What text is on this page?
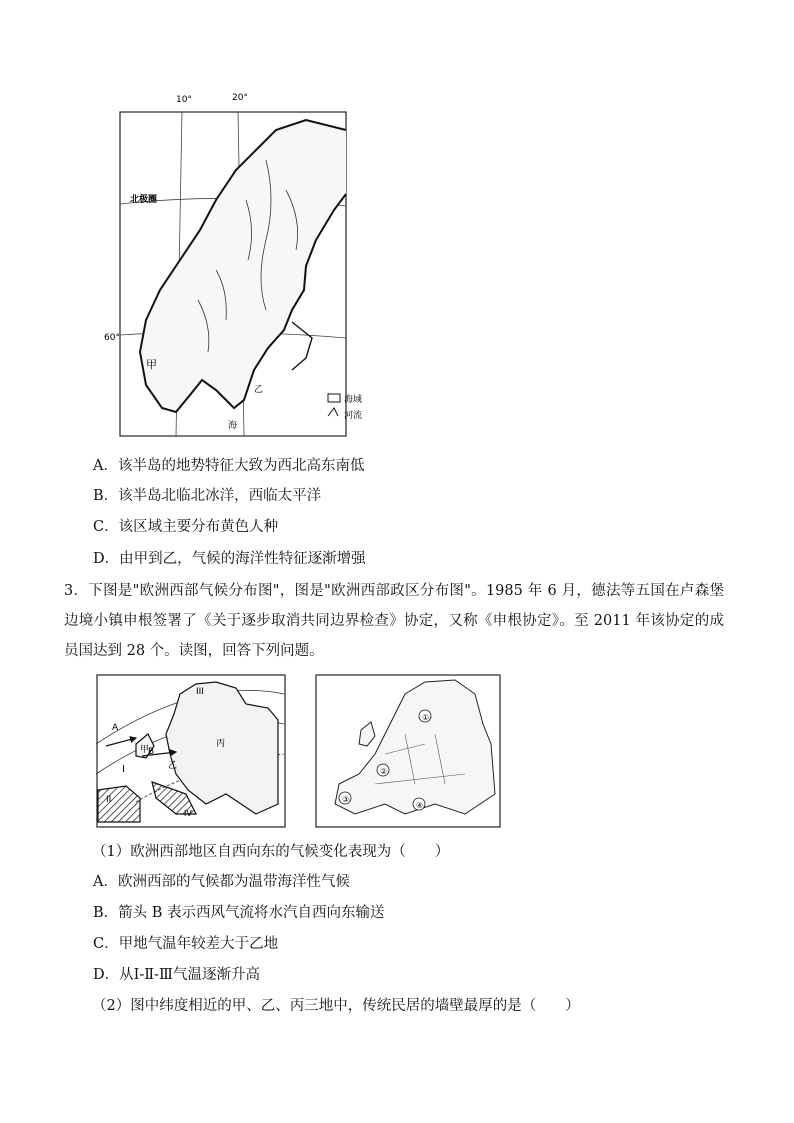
10°	20°
60°
北极圈
甲
乙
海
海域
河流
A．该半岛的地势特征大致为西北高东南低
B．该半岛北临北冰洋，西临太平洋
C．该区域主要分布黄色人种
D．由甲到乙，气候的海洋性特征逐渐增强
3．下图是"欧洲西部气候分布图"，图是"欧洲西部政区分布图"。1985 年 6 月，德法等五国在卢森堡边境小镇申根签署了《关于逐步取消共同边界检查》协定，又称《申根协定》。至 2011 年该协定的成员国达到 28 个。读图，回答下列问题。
A
B
甲
乙
丙
I
II
III
IV
①
②
③
④
（1）欧洲西部地区自西向东的气候变化表现为（　　）
A．欧洲西部的气候都为温带海洋性气候
B．箭头 B 表示西风气流将水汽自西向东输送
C．甲地气温年较差大于乙地
D．从Ⅰ-Ⅱ-Ⅲ气温逐渐升高
（2）图中纬度相近的甲、乙、丙三地中，传统民居的墙壁最厚的是（　　）
